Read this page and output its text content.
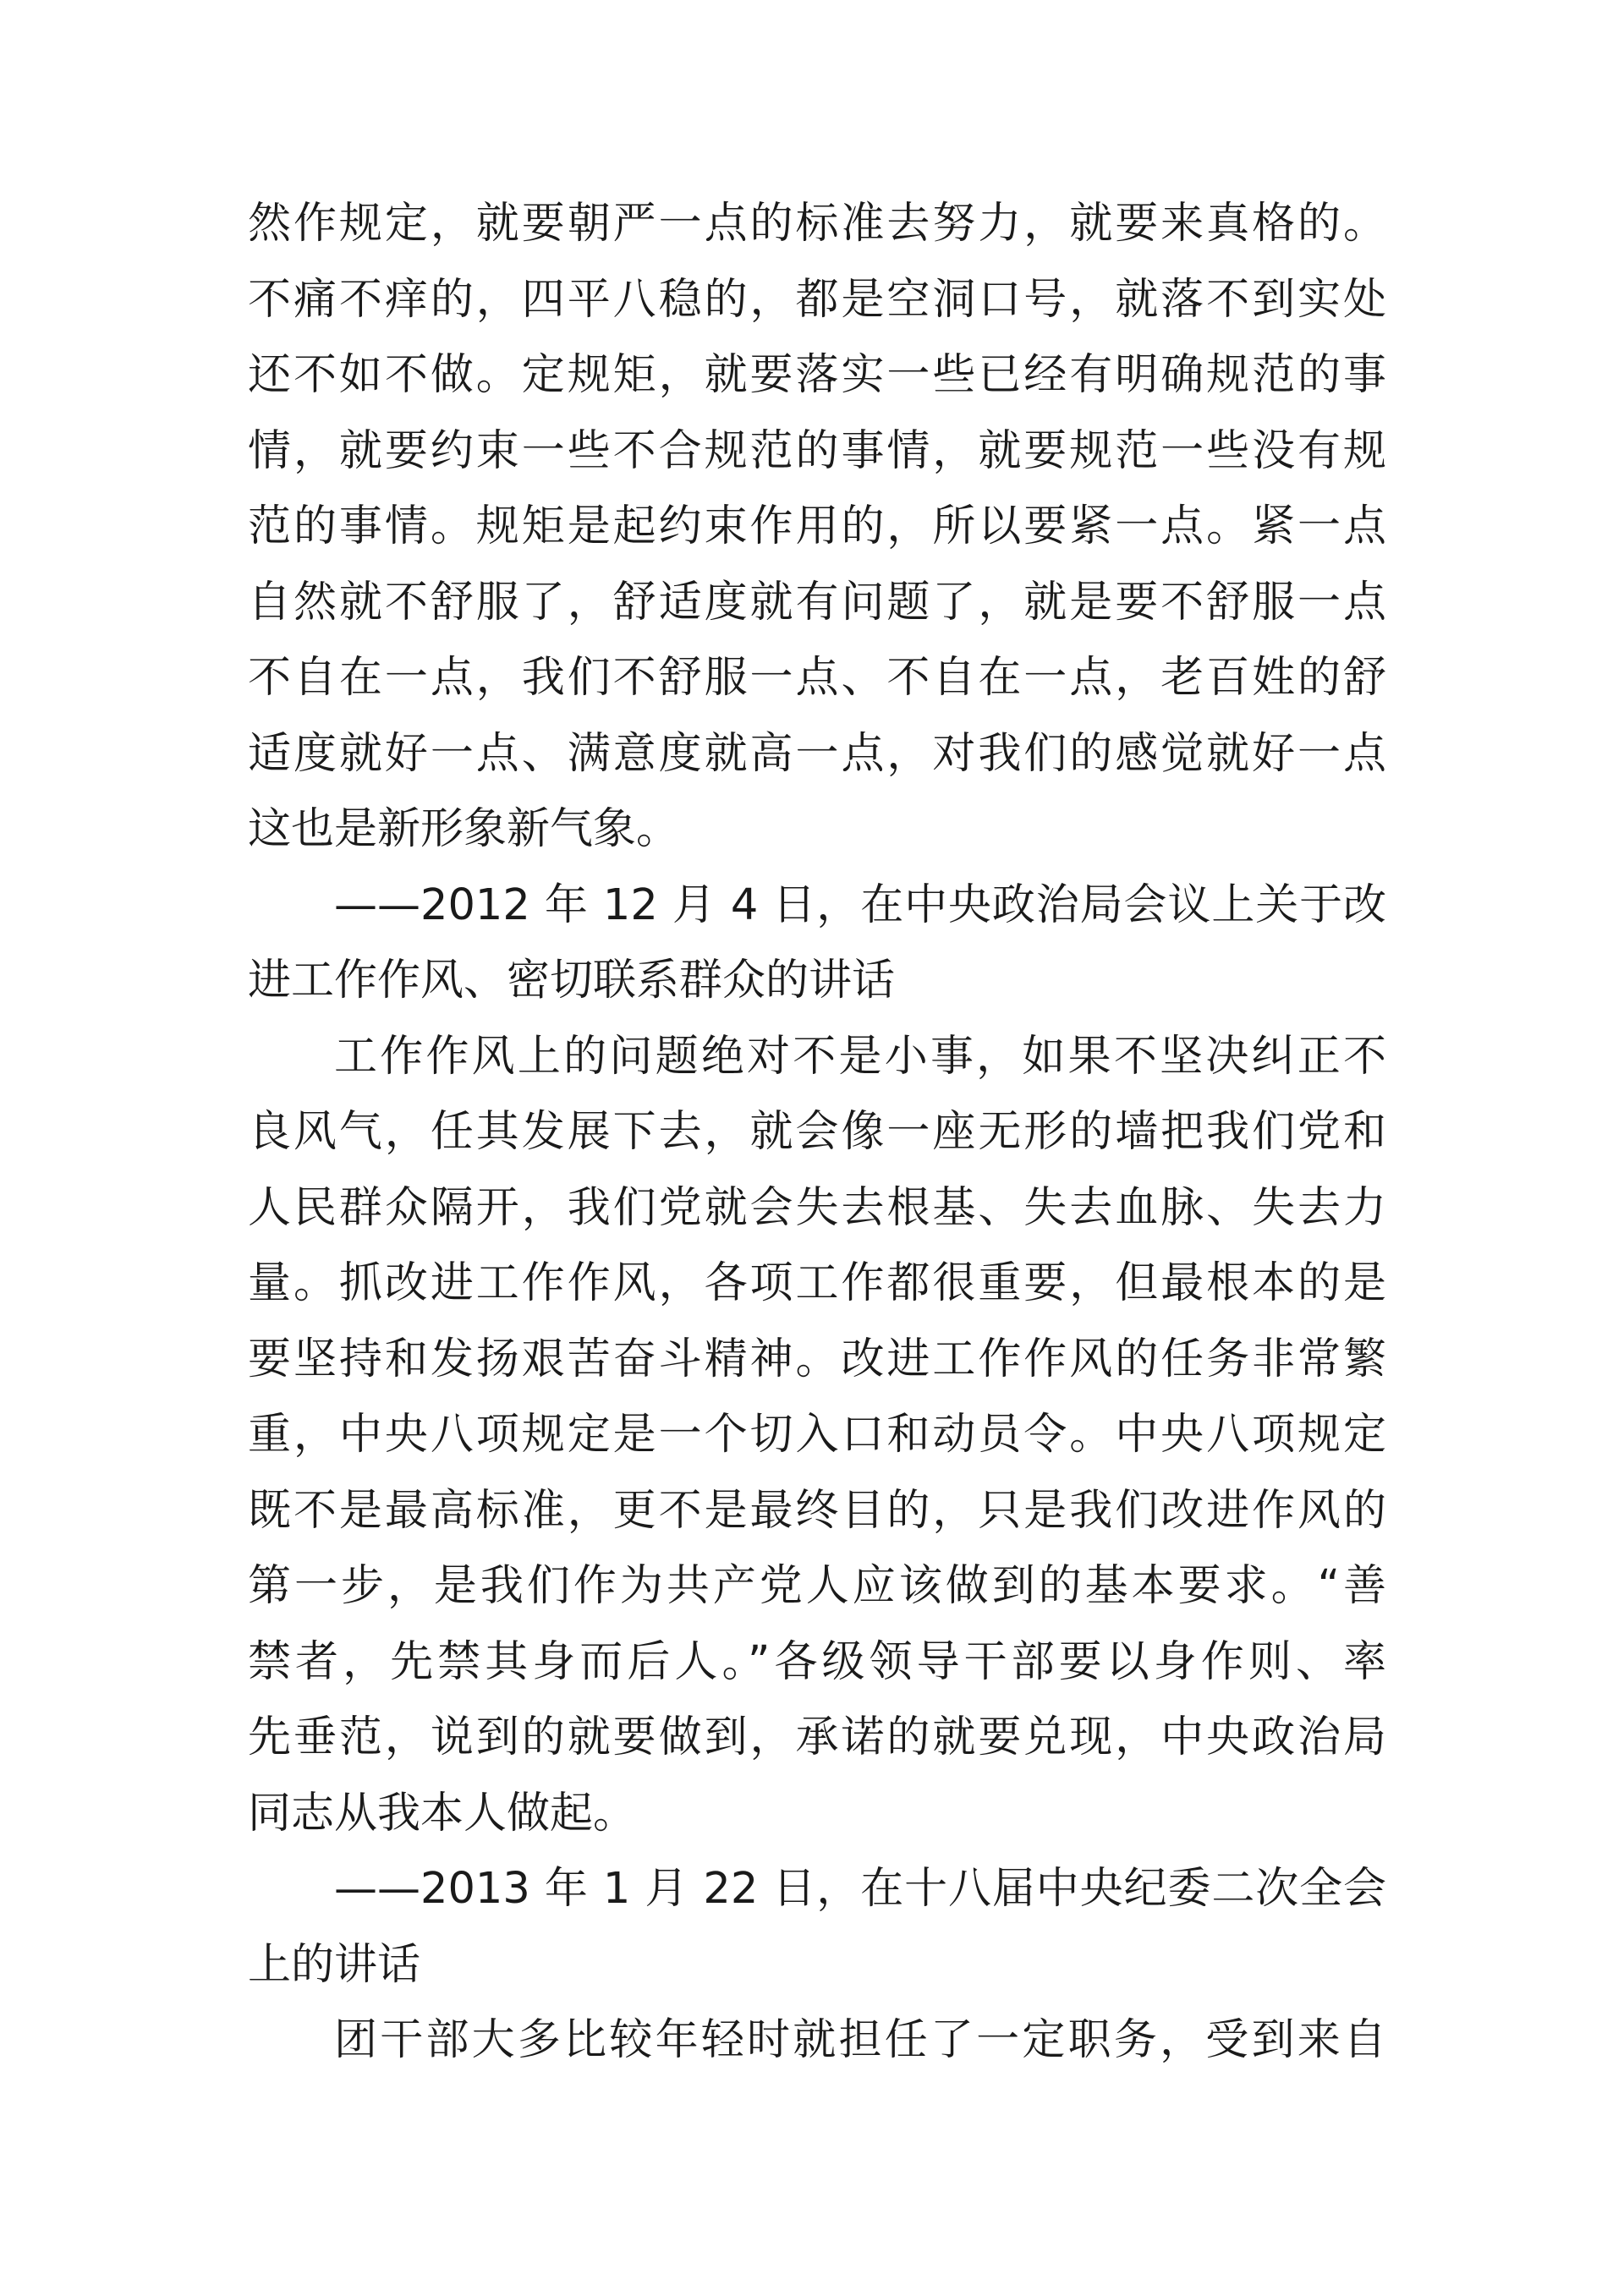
然作规定，就要朝严一点的标准去努力，就要来真格的。
不痛不痒的，四平八稳的，都是空洞口号，就落不到实处
还不如不做。定规矩，就要落实一些已经有明确规范的事
情，就要约束一些不合规范的事情，就要规范一些没有规
范的事情。规矩是起约束作用的，所以要紧一点。紧一点
自然就不舒服了，舒适度就有问题了，就是要不舒服一点
不自在一点，我们不舒服一点、不自在一点，老百姓的舒
适度就好一点、满意度就高一点，对我们的感觉就好一点
这也是新形象新气象。
——2012 年 12 月 4 日，在中央政治局会议上关于改
进工作作风、密切联系群众的讲话
工作作风上的问题绝对不是小事，如果不坚决纠正不
良风气，任其发展下去，就会像一座无形的墙把我们党和
人民群众隔开，我们党就会失去根基、失去血脉、失去力
量。抓改进工作作风，各项工作都很重要，但最根本的是
要坚持和发扬艰苦奋斗精神。改进工作作风的任务非常繁
重，中央八项规定是一个切入口和动员令。中央八项规定
既不是最高标准，更不是最终目的，只是我们改进作风的
第一步，是我们作为共产党人应该做到的基本要求。“善
禁者，先禁其身而后人。”各级领导干部要以身作则、率
先垂范，说到的就要做到，承诺的就要兑现，中央政治局
同志从我本人做起。
——2013 年 1 月 22 日，在十八届中央纪委二次全会
上的讲话
团干部大多比较年轻时就担任了一定职务，受到来自
